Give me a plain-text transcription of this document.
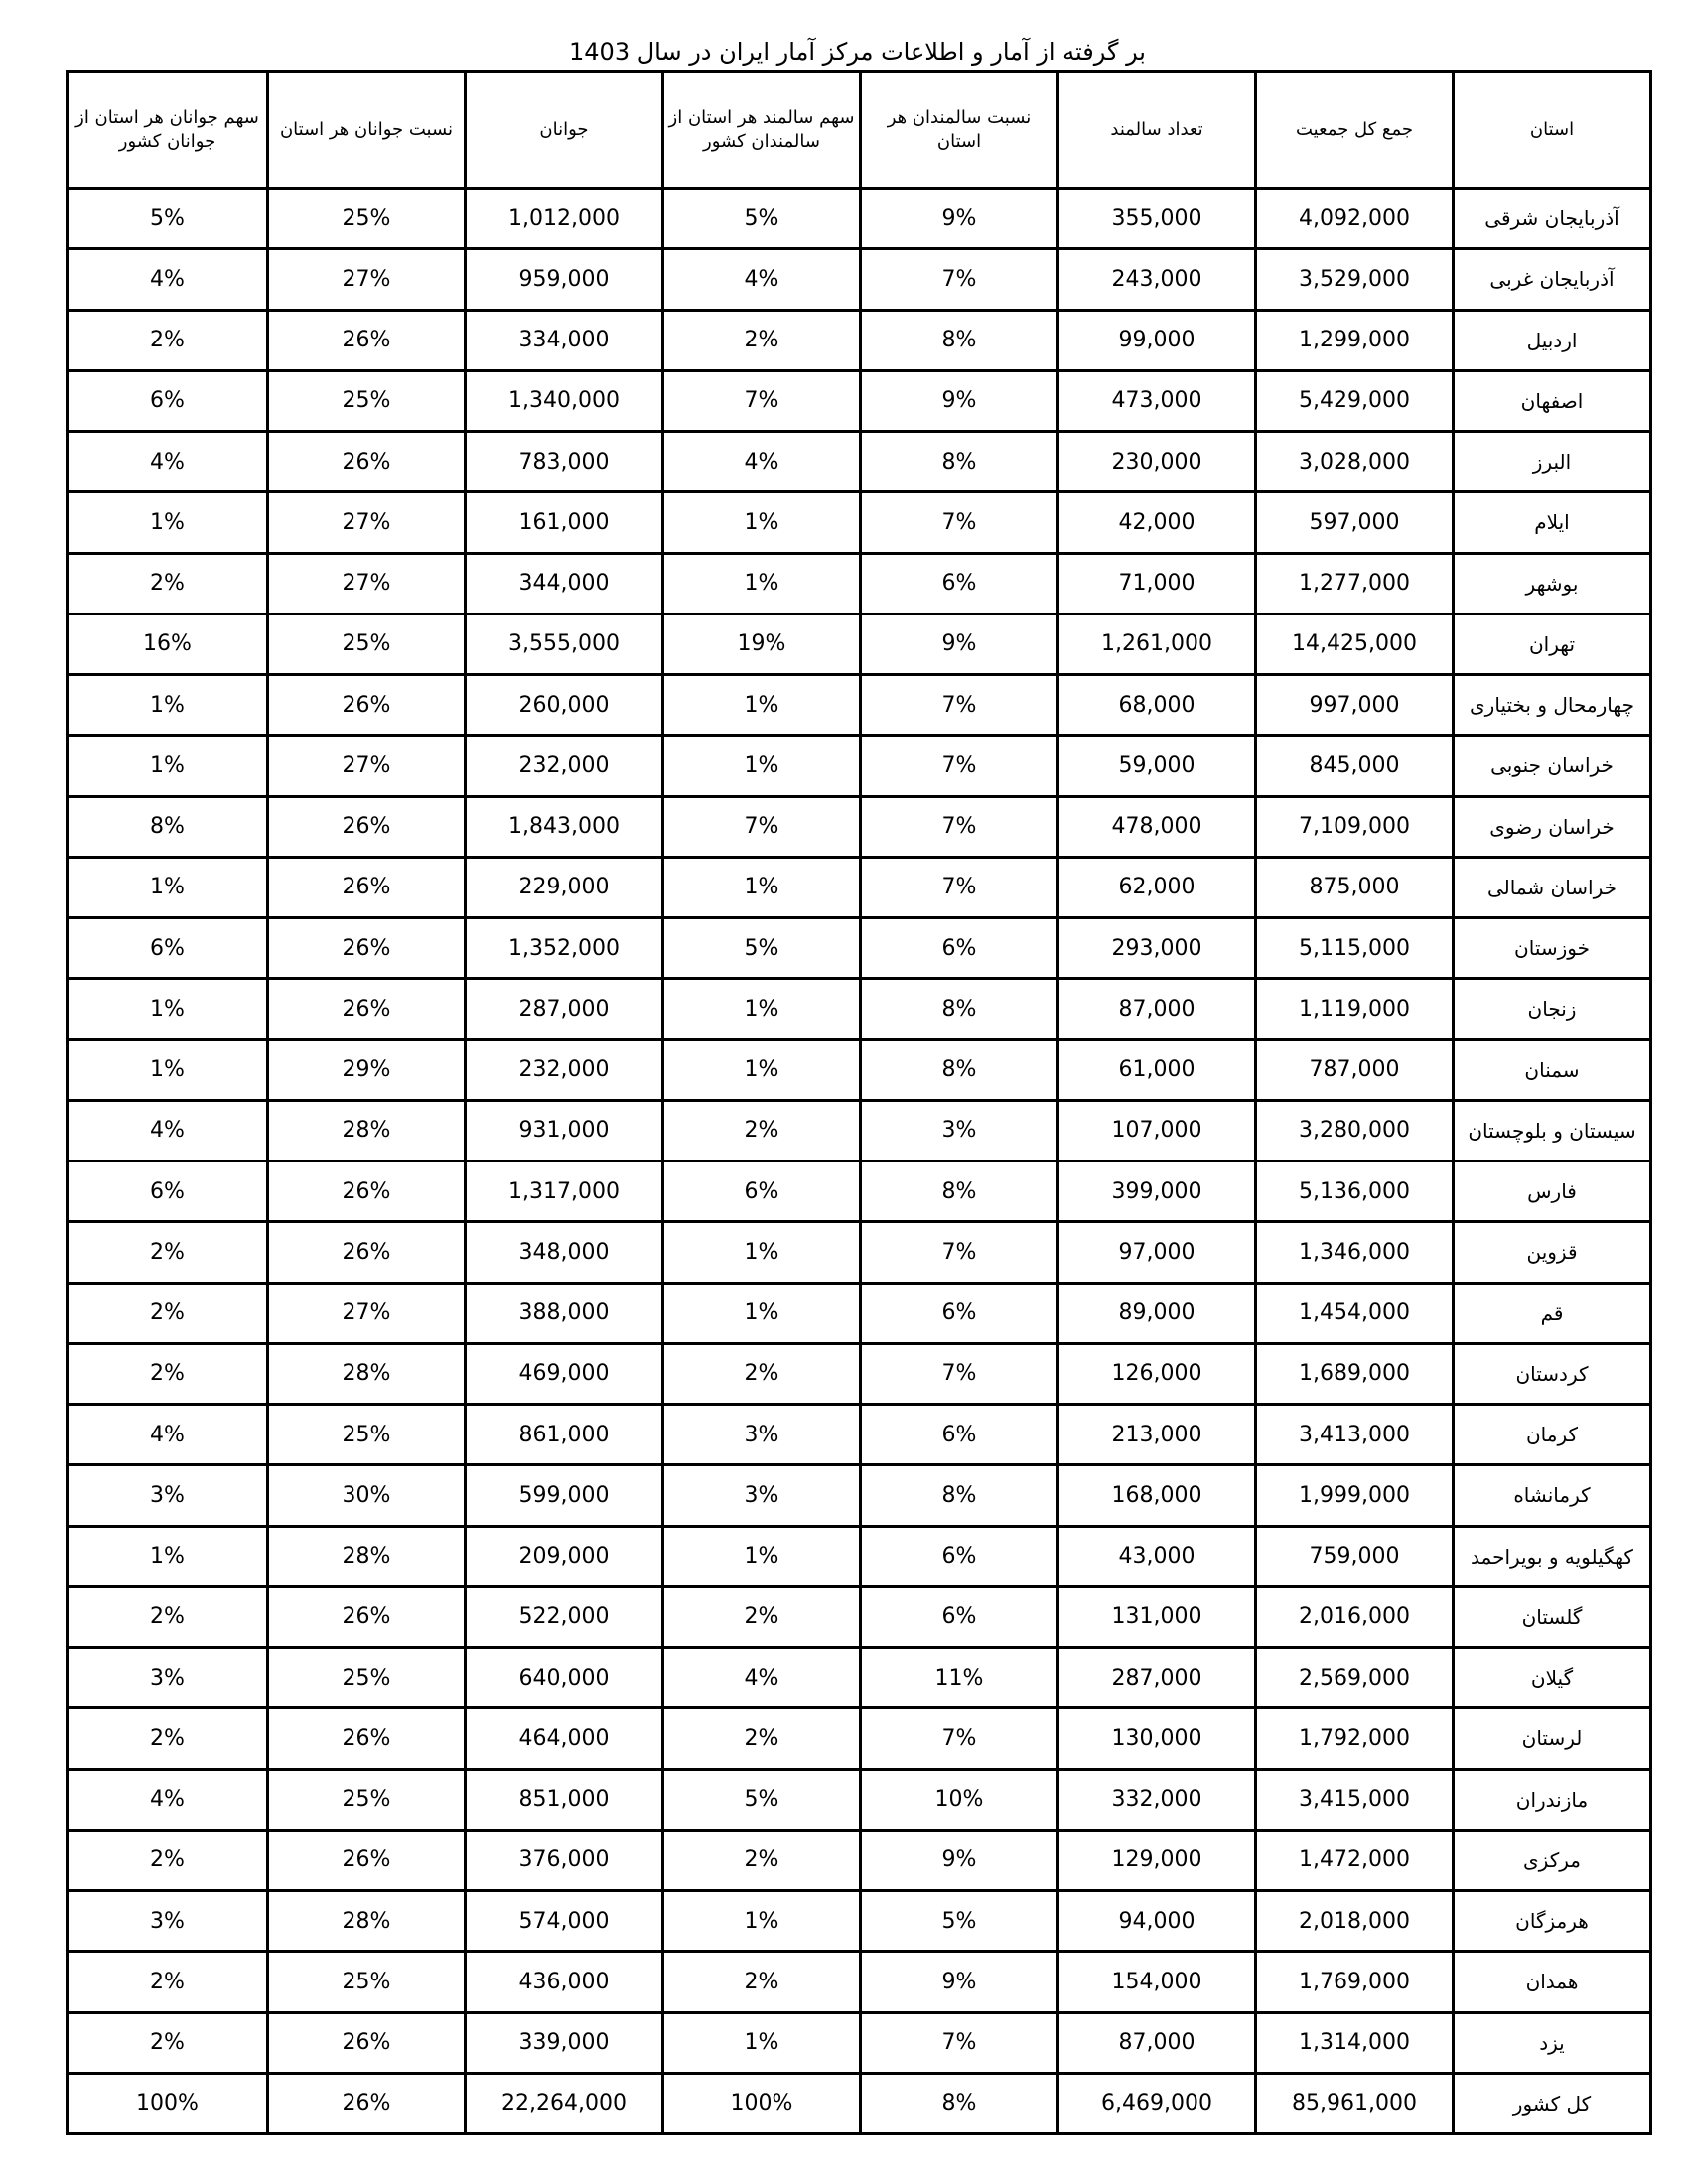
بر گرفته از آمار و اطلاعات مرکز آمار ایران در سال 1403
استان	جمع کل جمعیت	تعداد سالمند	نسبت سالمندان هر استان	سهم سالمند هر استان از سالمندان کشور	جوانان	نسبت جوانان هر استان	سهم جوانان هر استان از جوانان کشور
آذربایجان شرقی	4,092,000	355,000	9%	5%	1,012,000	25%	5%
آذربایجان غربی	3,529,000	243,000	7%	4%	959,000	27%	4%
اردبیل	1,299,000	99,000	8%	2%	334,000	26%	2%
اصفهان	5,429,000	473,000	9%	7%	1,340,000	25%	6%
البرز	3,028,000	230,000	8%	4%	783,000	26%	4%
ایلام	597,000	42,000	7%	1%	161,000	27%	1%
بوشهر	1,277,000	71,000	6%	1%	344,000	27%	2%
تهران	14,425,000	1,261,000	9%	19%	3,555,000	25%	16%
چهارمحال و بختیاری	997,000	68,000	7%	1%	260,000	26%	1%
خراسان جنوبی	845,000	59,000	7%	1%	232,000	27%	1%
خراسان رضوی	7,109,000	478,000	7%	7%	1,843,000	26%	8%
خراسان شمالی	875,000	62,000	7%	1%	229,000	26%	1%
خوزستان	5,115,000	293,000	6%	5%	1,352,000	26%	6%
زنجان	1,119,000	87,000	8%	1%	287,000	26%	1%
سمنان	787,000	61,000	8%	1%	232,000	29%	1%
سیستان و بلوچستان	3,280,000	107,000	3%	2%	931,000	28%	4%
فارس	5,136,000	399,000	8%	6%	1,317,000	26%	6%
قزوین	1,346,000	97,000	7%	1%	348,000	26%	2%
قم	1,454,000	89,000	6%	1%	388,000	27%	2%
کردستان	1,689,000	126,000	7%	2%	469,000	28%	2%
کرمان	3,413,000	213,000	6%	3%	861,000	25%	4%
کرمانشاه	1,999,000	168,000	8%	3%	599,000	30%	3%
کهگیلویه و بویراحمد	759,000	43,000	6%	1%	209,000	28%	1%
گلستان	2,016,000	131,000	6%	2%	522,000	26%	2%
گیلان	2,569,000	287,000	11%	4%	640,000	25%	3%
لرستان	1,792,000	130,000	7%	2%	464,000	26%	2%
مازندران	3,415,000	332,000	10%	5%	851,000	25%	4%
مرکزی	1,472,000	129,000	9%	2%	376,000	26%	2%
هرمزگان	2,018,000	94,000	5%	1%	574,000	28%	3%
همدان	1,769,000	154,000	9%	2%	436,000	25%	2%
یزد	1,314,000	87,000	7%	1%	339,000	26%	2%
کل کشور	85,961,000	6,469,000	8%	100%	22,264,000	26%	100%
